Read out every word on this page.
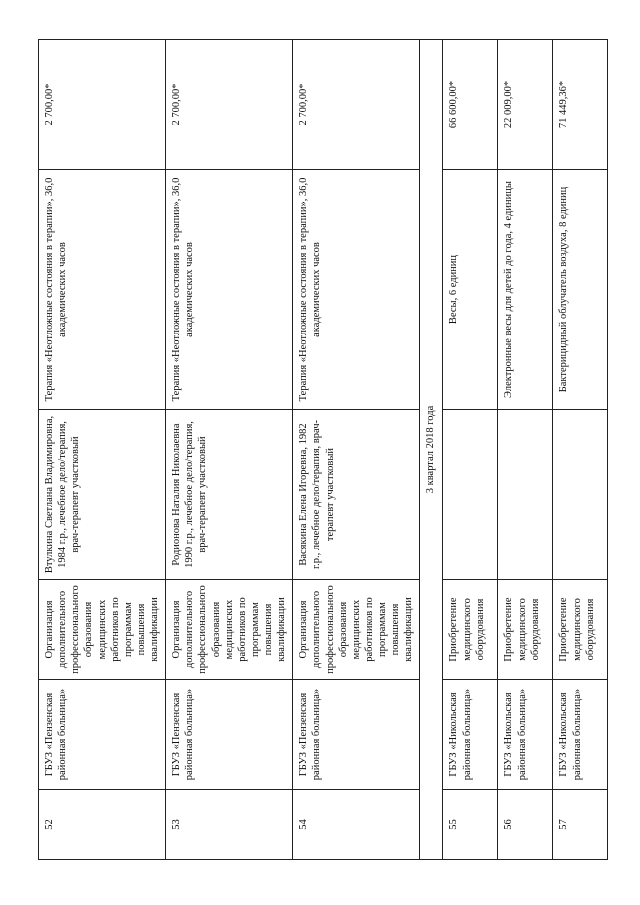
52	ГБУЗ «Пензенская районная больница»	Организация дополнительного профессионального образования медицинских работников по программам повышения квалификации	Втулкина Светлана Владимировна, 1984 г.р., лечебное дело/терапия, врач-терапевт участковый	Терапия «Неотложные состояния в терапии», 36,0 академических часов	2 700,00*
53	ГБУЗ «Пензенская районная больница»	Организация дополнительного профессионального образования медицинских работников по программам повышения квалификации	Родионова Наталия Николаевна 1990 г.р., лечебное дело/терапия, врач-терапевт участковый	Терапия «Неотложные состояния в терапии», 36,0 академических часов	2 700,00*
54	ГБУЗ «Пензенская районная больница»	Организация дополнительного профессионального образования медицинских работников по программам повышения квалификации	Васякина Елена Игоревна, 1982 г.р., лечебное дело/терапия, врач-терапевт участковый	Терапия «Неотложные состояния в терапии», 36,0 академических часов	2 700,00*
3 квартал 2018 года					
55	ГБУЗ «Никольская районная больница»	Приобретение медицинского оборудования		Весы, 6 единиц	66 600,00*
56	ГБУЗ «Никольская районная больница»	Приобретение медицинского оборудования		Электронные весы для детей до года, 4 единицы	22 009,00*
57	ГБУЗ «Никольская районная больница»	Приобретение медицинского оборудования		Бактерицидный облучатель воздуха, 8 единиц	71 449,36*
